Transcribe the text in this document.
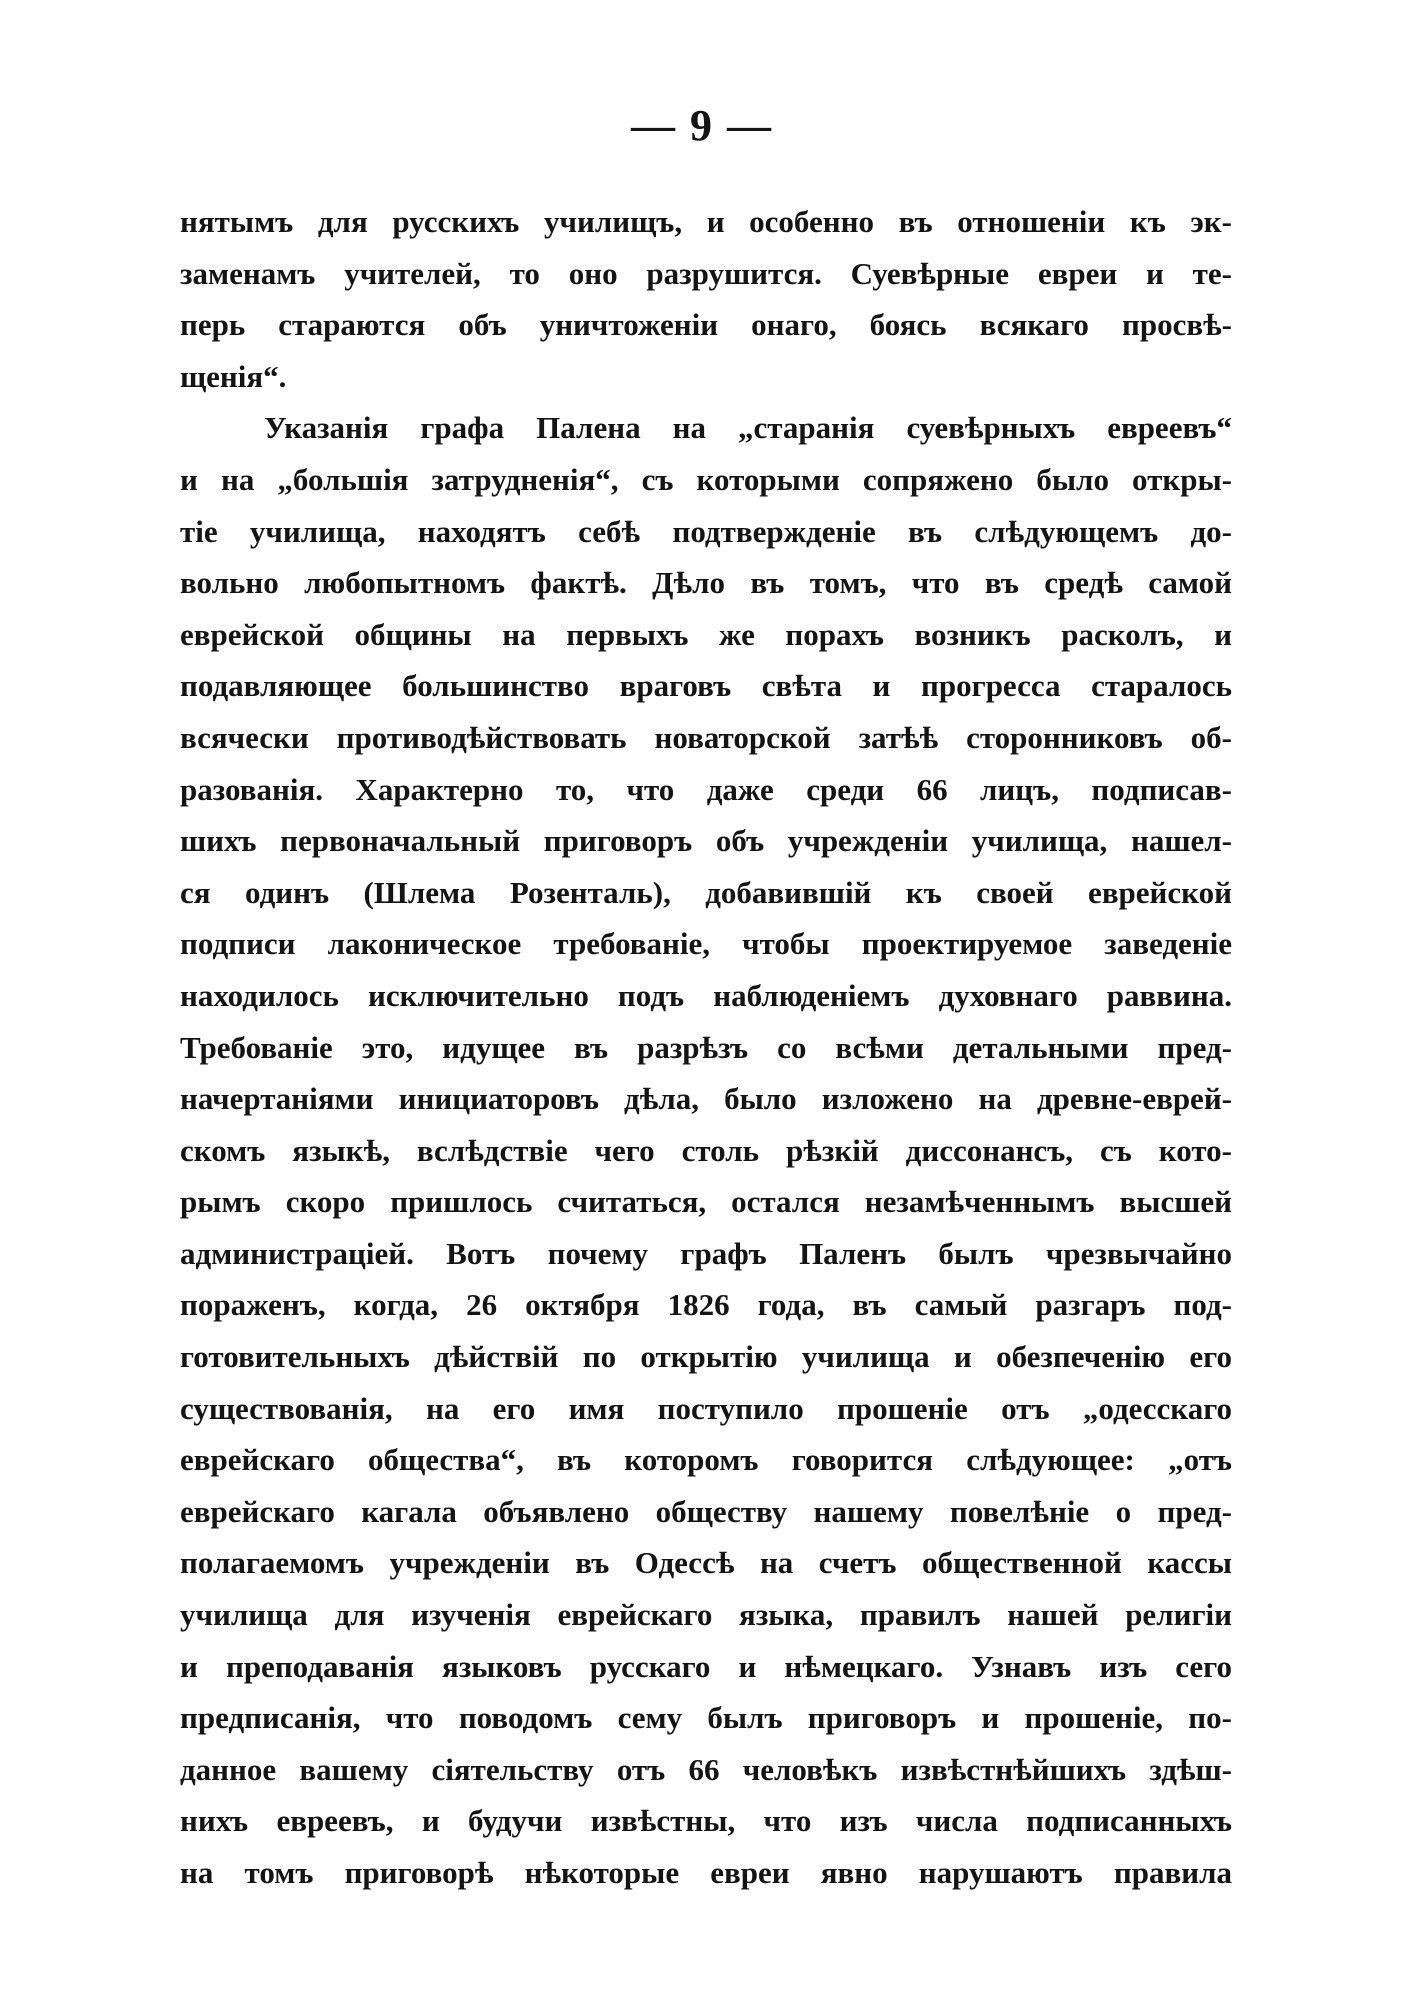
— 9 —
нятымъ для русскихъ училищъ, и особенно въ отношенiи къ эк-
заменамъ учителей, то оно разрушится. Суевѣрные евреи и те-
перь стараются объ уничтоженiи онаго, боясь всякаго просвѣ-
щенiя“.
Указанiя графа Палена на „старанiя суевѣрныхъ евреевъ“
и на „большiя затрудненiя“, съ которыми сопряжено было откры-
тiе училища, находятъ себѣ подтвержденiе въ слѣдующемъ до-
вольно любопытномъ фактѣ. Дѣло въ томъ, что въ средѣ самой
еврейской общины на первыхъ же порахъ возникъ расколъ, и
подавляющее большинство враговъ свѣта и прогресса старалось
всячески противодѣйствовать новаторской затѣѣ сторонниковъ об-
разованiя. Характерно то, что даже среди 66 лицъ, подписав-
шихъ первоначальный приговоръ объ учрежденiи училища, нашел-
ся одинъ (Шлема Розенталь), добавившiй къ своей еврейской
подписи лаконическое требованiе, чтобы проектируемое заведенiе
находилось исключительно подъ наблюденiемъ духовнаго раввина.
Требованiе это, идущее въ разрѣзъ со всѣми детальными пред-
начертанiями инициаторовъ дѣла, было изложено на древне-еврей-
скомъ языкѣ, вслѣдствiе чего столь рѣзкiй диссонансъ, съ кото-
рымъ скоро пришлось считаться, остался незамѣченнымъ высшей
администрацiей. Вотъ почему графъ Паленъ былъ чрезвычайно
пораженъ, когда, 26 октября 1826 года, въ самый разгаръ под-
готовительныхъ дѣйствiй по открытiю училища и обезпеченiю его
существованiя, на его имя поступило прошенiе отъ „одесскаго
еврейскаго общества“, въ которомъ говорится слѣдующее: „отъ
еврейскаго кагала объявлено обществу нашему повелѣнiе о пред-
полагаемомъ учрежденiи въ Одессѣ на счетъ общественной кассы
училища для изученiя еврейскаго языка, правилъ нашей религiи
и преподаванiя языковъ русскаго и нѣмецкаго. Узнавъ изъ сего
предписанiя, что поводомъ сему былъ приговоръ и прошенiе, по-
данное вашему сiятельству отъ 66 человѣкъ извѣстнѣйшихъ здѣш-
нихъ евреевъ, и будучи извѣстны, что изъ числа подписанныхъ
на томъ приговорѣ нѣкоторые евреи явно нарушаютъ правила
